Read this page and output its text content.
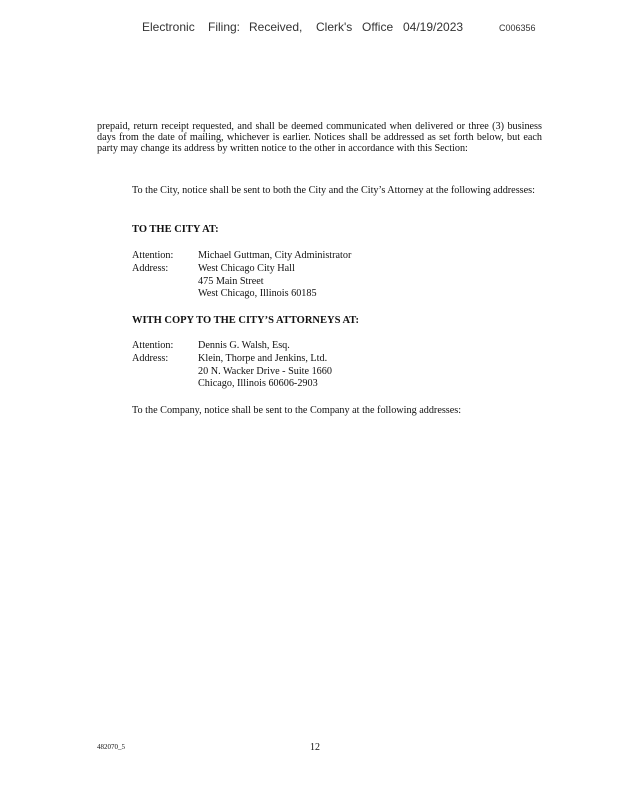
Electronic Filing: Received, Clerk's Office 04/19/2023	C006356

prepaid, return receipt requested, and shall be deemed communicated when delivered or three (3) business days from the date of mailing, whichever is earlier. Notices shall be addressed as set forth below, but each party may change its address by written notice to the other in accordance with this Section:

To the City, notice shall be sent to both the City and the City’s Attorney at the following addresses:

TO THE CITY AT:
Attention:	Michael Guttman, City Administrator
Address:	West Chicago City Hall
475 Main Street
West Chicago, Illinois 60185
WITH COPY TO THE CITY’S ATTORNEYS AT:
Attention:	Dennis G. Walsh, Esq.
Address:	Klein, Thorpe and Jenkins, Ltd.
20 N. Wacker Drive - Suite 1660
Chicago, Illinois 60606-2903

To the Company, notice shall be sent to the Company at the following addresses:

482070_5	12
